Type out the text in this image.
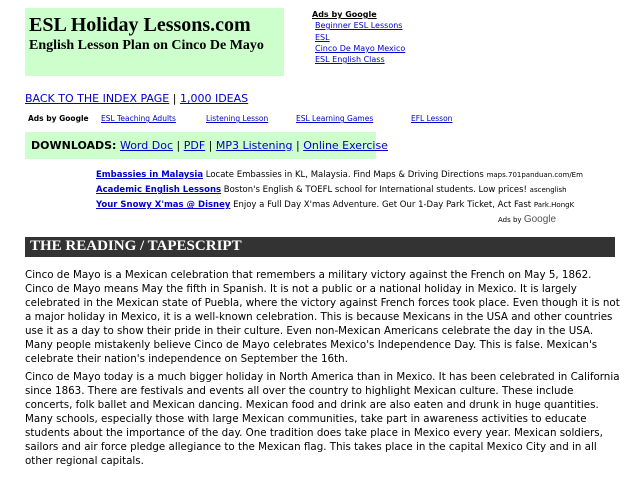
ESL Holiday Lessons.com
English Lesson Plan on Cinco De Mayo
Ads by Google
Beginner ESL Lessons
ESL
Cinco De Mayo Mexico
ESL English Class
BACK TO THE INDEX PAGE | 1,000 IDEAS
Ads by Google ESL Teaching Adults	Listening Lesson	ESL Learning Games	EFL Lesson
DOWNLOADS: Word Doc | PDF | MP3 Listening | Online Exercise
Embassies in Malaysia Locate Embassies in KL, Malaysia. Find Maps & Driving Directions maps.701panduan.com/Em
Academic English Lessons Boston's English & TOEFL school for International students. Low prices! ascenglish
Your Snowy X'mas @ Disney Enjoy a Full Day X'mas Adventure. Get Our 1-Day Park Ticket, Act Fast Park.HongK
Ads by Google
THE READING / TAPESCRIPT

Cinco de Mayo is a Mexican celebration that remembers a military victory against the French on May 5, 1862. Cinco de Mayo means May the fifth in Spanish. It is not a public or a national holiday in Mexico. It is largely celebrated in the Mexican state of Puebla, where the victory against French forces took place. Even though it is not a major holiday in Mexico, it is a well-known celebration. This is because Mexicans in the USA and other countries use it as a day to show their pride in their culture. Even non-Mexican Americans celebrate the day in the USA. Many people mistakenly believe Cinco de Mayo celebrates Mexico's Independence Day. This is false. Mexican's celebrate their nation's independence on September the 16th.

Cinco de Mayo today is a much bigger holiday in North America than in Mexico. It has been celebrated in California since 1863. There are festivals and events all over the country to highlight Mexican culture. These include concerts, folk ballet and Mexican dancing. Mexican food and drink are also eaten and drunk in huge quantities. Many schools, especially those with large Mexican communities, take part in awareness activities to educate students about the importance of the day. One tradition does take place in Mexico every year. Mexican soldiers, sailors and air force pledge allegiance to the Mexican flag. This takes place in the capital Mexico City and in all other regional capitals.
